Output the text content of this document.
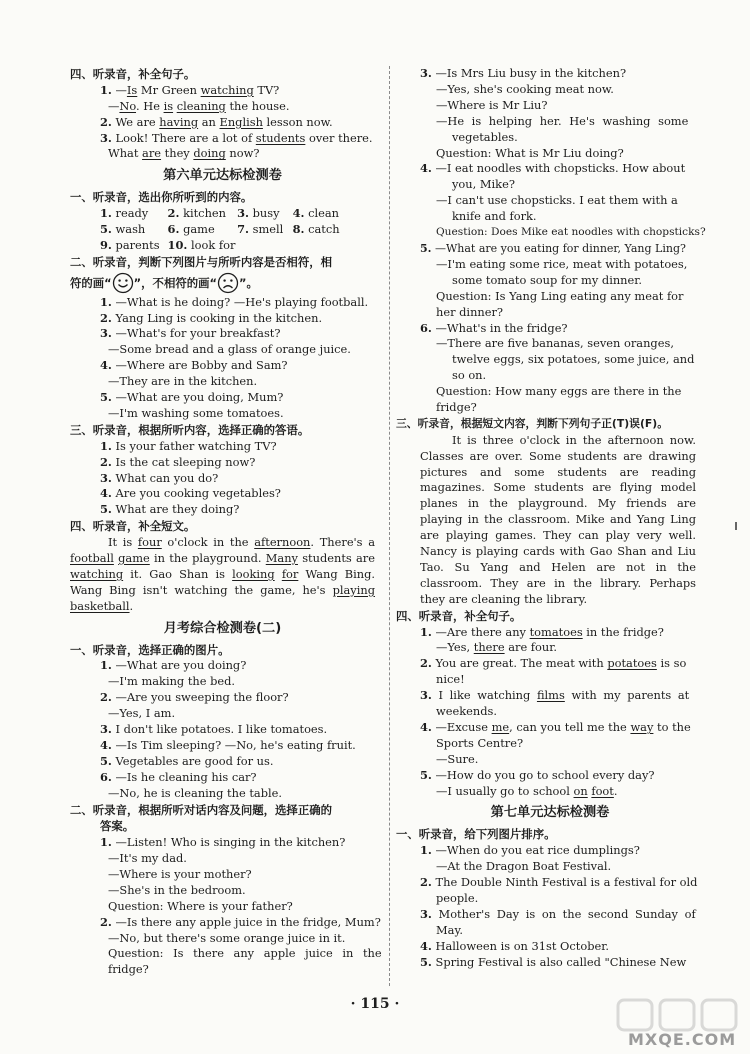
四、听录音，补全句子。
1. —Is Mr Green watching TV?
—No. He is cleaning the house.
2. We are having an English lesson now.
3. Look! There are a lot of students over there.
What are they doing now?
第六单元达标检测卷
一、听录音，选出你所听到的内容。
1. ready 2. kitchen 3. busy 4. clean
5. wash 6. game 7. smell 8. catch
9. parents 10. look for
二、听录音，判断下列图片与所听内容是否相符，相
符的画“ ”，不相符的画“ ”。
1. —What is he doing? —He's playing football.
2. Yang Ling is cooking in the kitchen.
3. —What's for your breakfast?
—Some bread and a glass of orange juice.
4. —Where are Bobby and Sam?
—They are in the kitchen.
5. —What are you doing, Mum?
—I'm washing some tomatoes.
三、听录音，根据所听内容，选择正确的答语。
1. Is your father watching TV?
2. Is the cat sleeping now?
3. What can you do?
4. Are you cooking vegetables?
5. What are they doing?
四、听录音，补全短文。
It is four o'clock in the afternoon. There's a football game in the playground. Many students are watching it. Gao Shan is looking for Wang Bing. Wang Bing isn't watching the game, he's playing basketball.
月考综合检测卷(二)
一、听录音，选择正确的图片。
1. —What are you doing?
—I'm making the bed.
2. —Are you sweeping the floor?
—Yes, I am.
3. I don't like potatoes. I like tomatoes.
4. —Is Tim sleeping? —No, he's eating fruit.
5. Vegetables are good for us.
6. —Is he cleaning his car?
—No, he is cleaning the table.
二、听录音，根据所听对话内容及问题，选择正确的
答案。
1. —Listen! Who is singing in the kitchen?
—It's my dad.
—Where is your mother?
—She's in the bedroom.
Question: Where is your father?
2. —Is there any apple juice in the fridge, Mum?
—No, but there's some orange juice in it.
Question: Is there any apple juice in the
fridge?
3. —Is Mrs Liu busy in the kitchen?
—Yes, she's cooking meat now.
—Where is Mr Liu?
—He is helping her. He's washing some
vegetables.
Question: What is Mr Liu doing?
4. —I eat noodles with chopsticks. How about
you, Mike?
—I can't use chopsticks. I eat them with a
knife and fork.
Question: Does Mike eat noodles with chopsticks?
5. —What are you eating for dinner, Yang Ling?
—I'm eating some rice, meat with potatoes,
some tomato soup for my dinner.
Question: Is Yang Ling eating any meat for
her dinner?
6. —What's in the fridge?
—There are five bananas, seven oranges,
twelve eggs, six potatoes, some juice, and
so on.
Question: How many eggs are there in the
fridge?
三、听录音，根据短文内容，判断下列句子正(T)误(F)。
It is three o'clock in the afternoon now. Classes are over. Some students are drawing pictures and some students are reading magazines. Some students are flying model planes in the playground. My friends are playing in the classroom. Mike and Yang Ling are playing games. They can play very well. Nancy is playing cards with Gao Shan and Liu Tao. Su Yang and Helen are not in the classroom. They are in the library. Perhaps they are cleaning the library.
四、听录音，补全句子。
1. —Are there any tomatoes in the fridge?
—Yes, there are four.
2. You are great. The meat with potatoes is so
nice!
3. I like watching films with my parents at
weekends.
4. —Excuse me, can you tell me the way to the
Sports Centre?
—Sure.
5. —How do you go to school every day?
—I usually go to school on foot.
第七单元达标检测卷
一、听录音，给下列图片排序。
1. —When do you eat rice dumplings?
—At the Dragon Boat Festival.
2. The Double Ninth Festival is a festival for old
people.
3. Mother's Day is on the second Sunday of
May.
4. Halloween is on 31st October.
5. Spring Festival is also called "Chinese New
· 115 ·
MXQE.COM
